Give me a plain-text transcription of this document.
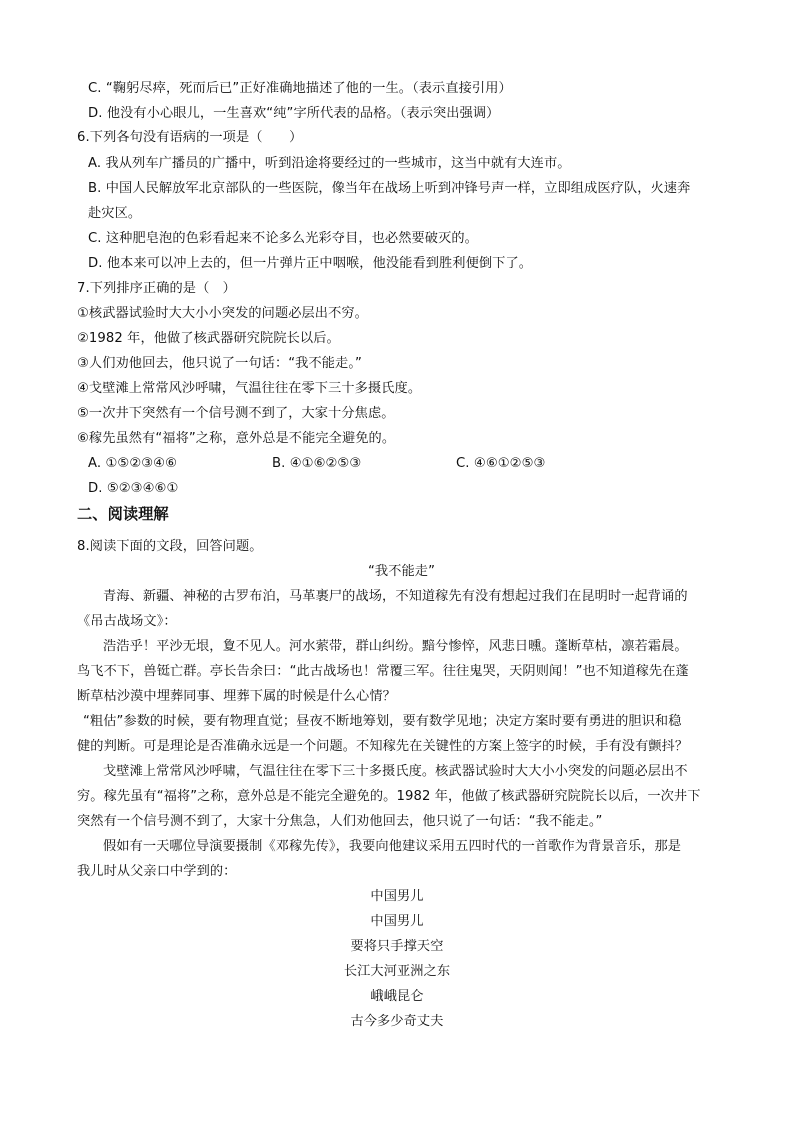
C. “鞠躬尽瘁，死而后已”正好准确地描述了他的一生。（表示直接引用）
D. 他没有小心眼儿，一生喜欢“纯”字所代表的品格。（表示突出强调）
6.下列各句没有语病的一项是（　　）
A. 我从列车广播员的广播中，听到沿途将要经过的一些城市，这当中就有大连市。
B. 中国人民解放军北京部队的一些医院，像当年在战场上听到冲锋号声一样，立即组成医疗队，火速奔
赴灾区。
C. 这种肥皂泡的色彩看起来不论多么光彩夺目，也必然要破灭的。
D. 他本来可以冲上去的，但一片弹片正中咽喉，他没能看到胜利便倒下了。
7.下列排序正确的是（　）
①核武器试验时大大小小突发的问题必层出不穷。
②1982 年，他做了核武器研究院院长以后。
③人们劝他回去，他只说了一句话：“我不能走。”
④戈壁滩上常常风沙呼啸，气温往往在零下三十多摄氏度。
⑤一次井下突然有一个信号测不到了，大家十分焦虑。
⑥稼先虽然有“福将”之称，意外总是不能完全避免的。
A. ①⑤②③④⑥	B. ④①⑥②⑤③	C. ④⑥①②⑤③
D. ⑤②③④⑥①
二、阅读理解
8.阅读下面的文段，回答问题。
“我不能走”
青海、新疆、神秘的古罗布泊，马革裹尸的战场，不知道稼先有没有想起过我们在昆明时一起背诵的
《吊古战场文》：
浩浩乎！平沙无垠，夐不见人。河水萦带，群山纠纷。黯兮惨悴，风悲日曛。蓬断草枯，凛若霜晨。
鸟飞不下，兽铤亡群。亭长告余曰：“此古战场也！常覆三军。往往鬼哭，天阴则闻！”也不知道稼先在蓬
断草枯沙漠中埋葬同事、埋葬下属的时候是什么心情？
“粗估”参数的时候，要有物理直觉；昼夜不断地筹划，要有数学见地；决定方案时要有勇进的胆识和稳
健的判断。可是理论是否准确永远是一个问题。不知稼先在关键性的方案上签字的时候，手有没有颤抖？
戈壁滩上常常风沙呼啸，气温往往在零下三十多摄氏度。核武器试验时大大小小突发的问题必层出不
穷。稼先虽有“福将”之称，意外总是不能完全避免的。1982 年，他做了核武器研究院院长以后，一次井下
突然有一个信号测不到了，大家十分焦急，人们劝他回去，他只说了一句话：“我不能走。”
假如有一天哪位导演要摄制《邓稼先传》，我要向他建议采用五四时代的一首歌作为背景音乐，那是
我儿时从父亲口中学到的：
中国男儿
中国男儿
要将只手撑天空
长江大河亚洲之东
峨峨昆仑
古今多少奇丈夫
